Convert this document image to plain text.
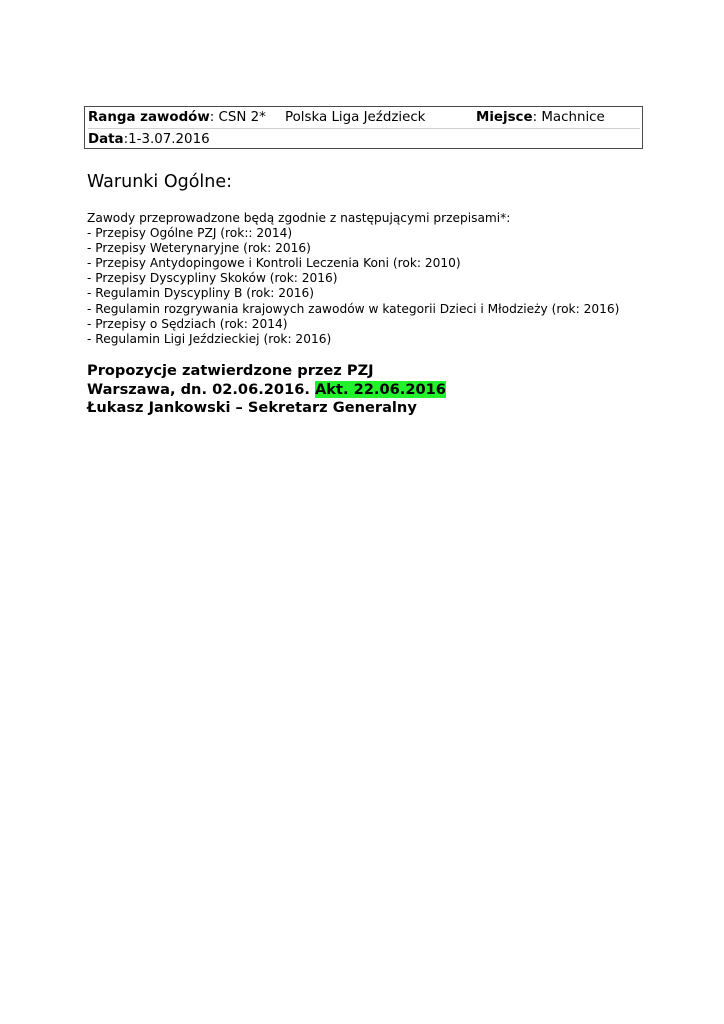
Ranga zawodów: CSN 2* Polska Liga Jeździeck	Miejsce: Machnice
Data:1-3.07.2016
Warunki Ogólne:
Zawody przeprowadzone będą zgodnie z następującymi przepisami*:
- Przepisy Ogólne PZJ (rok:: 2014)
- Przepisy Weterynaryjne (rok: 2016)
- Przepisy Antydopingowe i Kontroli Leczenia Koni (rok: 2010)
- Przepisy Dyscypliny Skoków (rok: 2016)
- Regulamin Dyscypliny B (rok: 2016)
- Regulamin rozgrywania krajowych zawodów w kategorii Dzieci i Młodzieży (rok: 2016)
- Przepisy o Sędziach (rok: 2014)
- Regulamin Ligi Jeździeckiej (rok: 2016)
Propozycje zatwierdzone przez PZJ
Warszawa, dn. 02.06.2016. Akt. 22.06.2016
Łukasz Jankowski – Sekretarz Generalny
